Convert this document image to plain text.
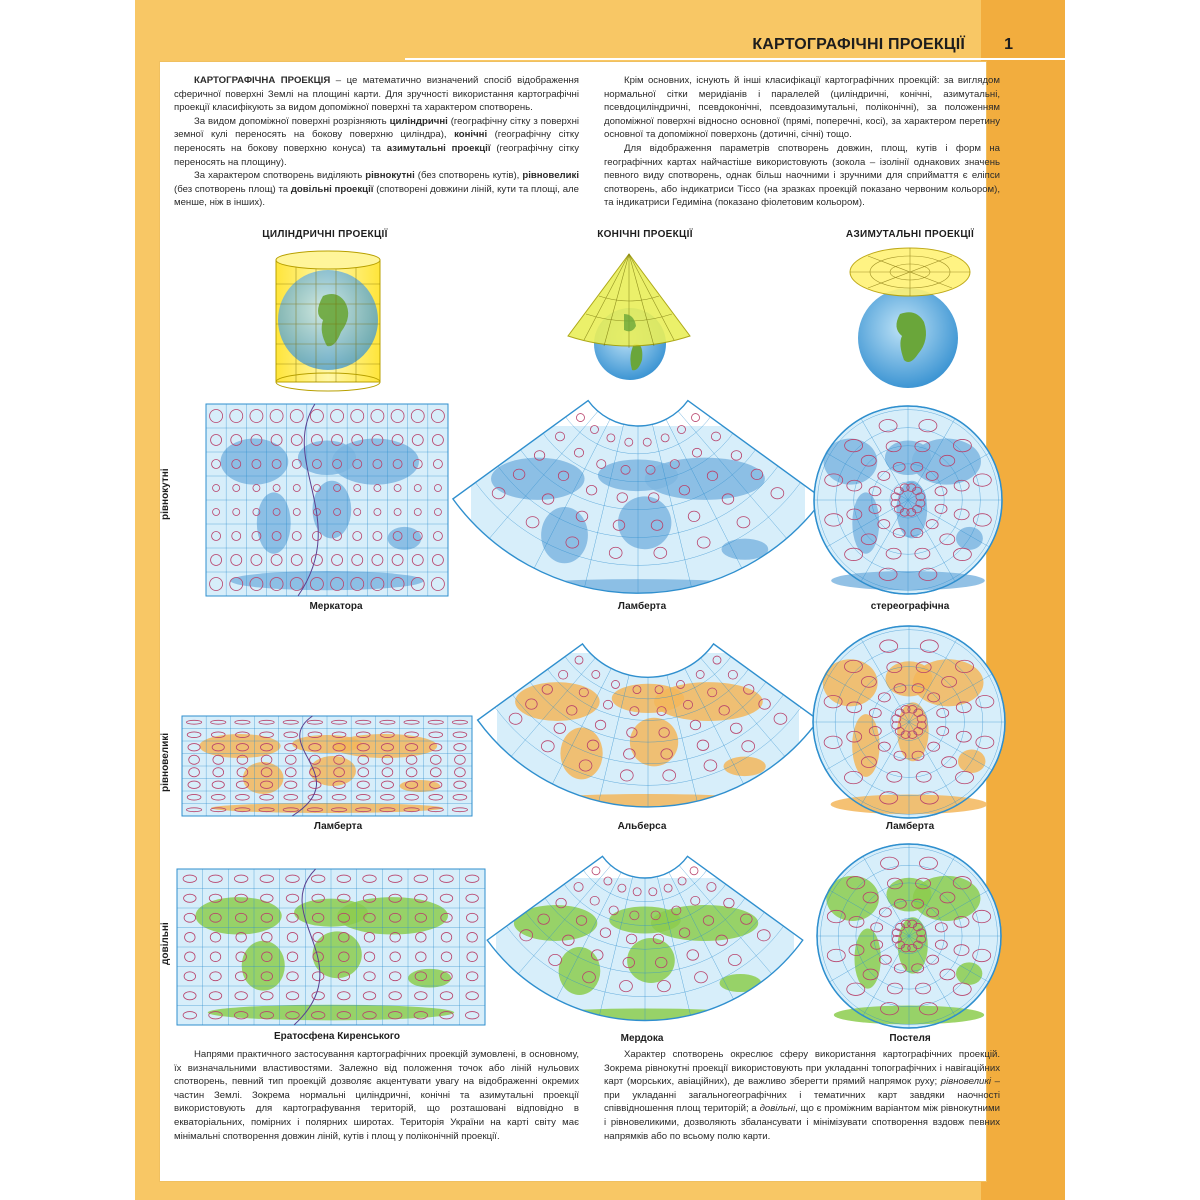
КАРТОГРАФІЧНІ ПРОЕКЦІЇ 1

КАРТОГРАФІЧНА ПРОЕКЦІЯ – це математично визначений спосіб відображення сферичної поверхні Землі на площині карти. Для зручності використання картографічні проекції класифікують за видом допоміжної поверхні та характером спотворень.

За видом допоміжної поверхні розрізняють циліндричні (географічну сітку з поверхні земної кулі переносять на бокову поверхню циліндра), конічні (географічну сітку переносять на бокову поверхню конуса) та азимутальні проекції (географічну сітку переносять на площину).

За характером спотворень виділяють рівнокутні (без спотворень кутів), рівновеликі (без спотворень площ) та довільні проекції (спотворені довжини ліній, кути та площі, але менше, ніж в інших).

Крім основних, існують й інші класифікації картографічних проекцій: за виглядом нормальної сітки меридіанів і паралелей (циліндричні, конічні, азимутальні, псевдоциліндричні, псевдоконічні, псевдоазимутальні, поліконічні), за положенням допоміжної поверхні відносно основної (прямі, поперечні, косі), за характером перетину основної та допоміжної поверхонь (дотичні, січні) тощо.

Для відображення параметрів спотворень довжин, площ, кутів і форм на географічних картах найчастіше використовують (зокола – ізолінії однакових значень певного виду спотворень, однак більш наочними і зручними для сприймаття є еліпси спотворень, або індикатриси Тіссо (на зразках проекцій показано червоним кольором), та індикатриси Гедиміна (показано фіолетовим кольором).

ЦИЛІНДРИЧНІ ПРОЕКЦІЇ	КОНІЧНІ ПРОЕКЦІЇ	АЗИМУТАЛЬНІ ПРОЕКЦІЇ
рівнокутні
рівновеликі
довільні
Меркатора	Ламберта	стереографічна
Ламберта	Альберса	Ламберта
Ератосфена Киренського	Мердока	Постеля

Напрями практичного застосування картографічних проекцій зумовлені, в основному, їх визначальними властивостями. Залежно від положення точок або ліній нульових спотворень, певний тип проекцій дозволяє акцентувати увагу на відображенні окремих частин Землі. Зокрема нормальні циліндричні, конічні та азимутальні проекції використовують для картографування територій, що розташовані відповідно в екваторіальних, помірних і полярних широтах. Територія України на карті світу має мінімальні спотворення довжин ліній, кутів і площ у поліконічній проекції.

Характер спотворень окреслює сферу використання картографічних проекцій. Зокрема рівнокутні проекції використовують при укладанні топографічних і навігаційних карт (морських, авіаційних), де важливо зберегти прямий напрямок руху; рівновеликі – при укладанні загальногеографічних і тематичних карт завдяки наочності співвідношення площ територій; а довільні, що є проміжним варіантом між рівнокутними і рівновеликими, дозволяють збалансувати і мінімізувати спотворення вздовж певних напрямків або по всьому полю карти.
